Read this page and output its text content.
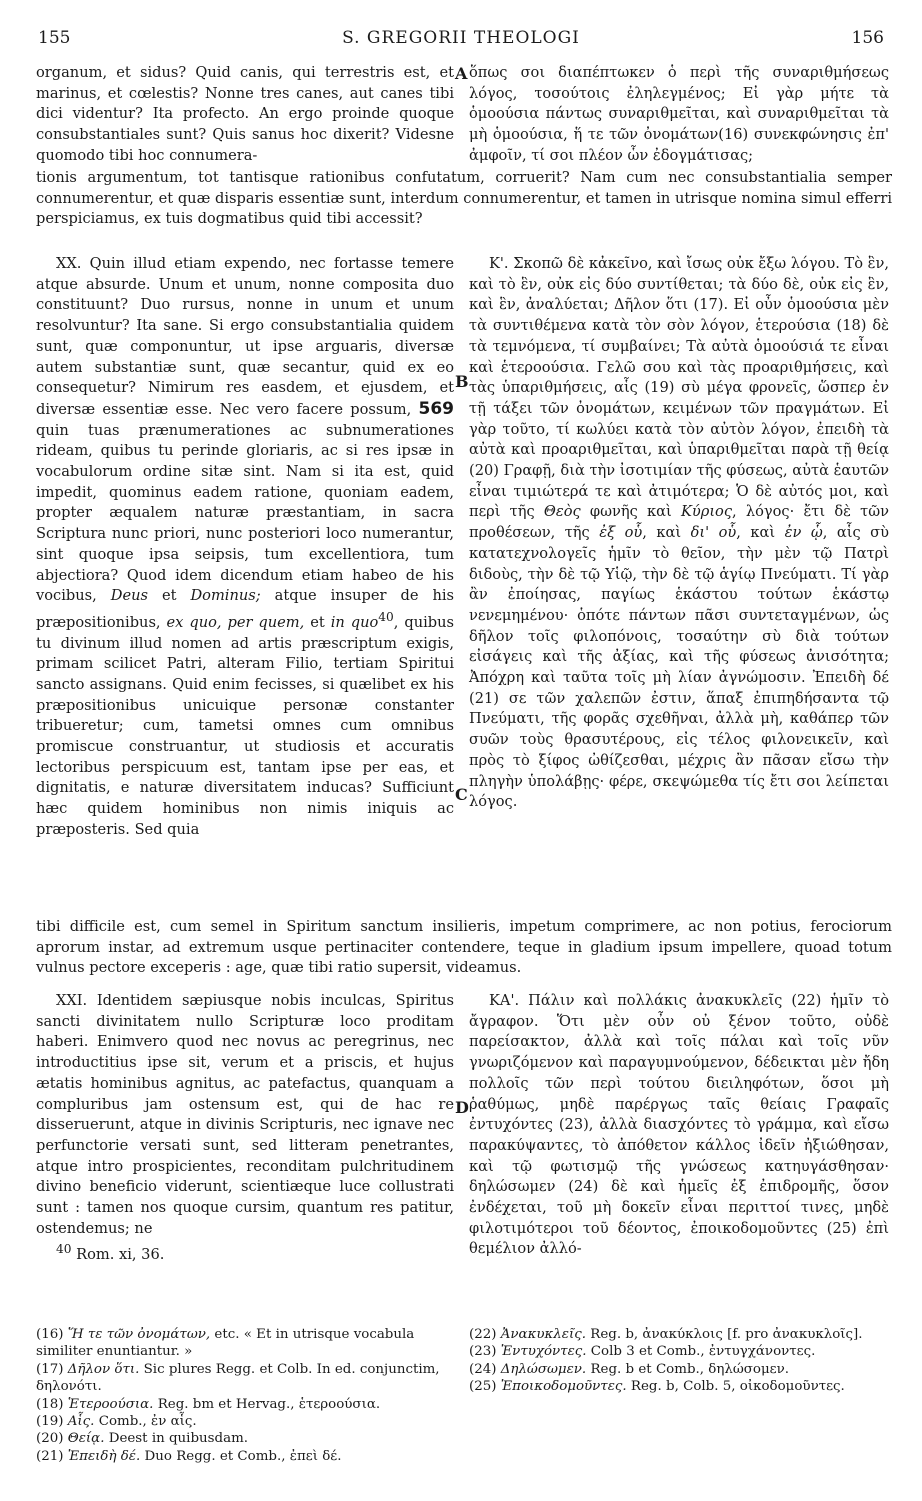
155	S. GREGORII THEOLOGI	156

organum, et sidus? Quid canis, qui terrestris est, et marinus, et cœlestis? Nonne tres canes, aut canes tibi dici videntur? Ita profecto. An ergo proinde quoque consubstantiales sunt? Quis sanus hoc dixerit? Videsne quomodo tibi hoc connumera-

A ὅπως σοι διαπέπτωκεν ὁ περὶ τῆς συναριθμήσεως λόγος, τοσούτοις ἐληλεγμένος; Εἰ γὰρ μήτε τὰ ὁμοούσια πάντως συναριθμεῖται, καὶ συναριθμεῖται τὰ μὴ ὁμοούσια, ἥ τε τῶν ὀνομάτων(16) συνεκφώνησις ἐπ' ἀμφοῖν, τί σοι πλέον ὧν ἐδογμάτισας;

tionis argumentum, tot tantisque rationibus confutatum, corruerit? Nam cum nec consubstantialia semper connumerentur, et quæ disparis essentiæ sunt, interdum connumerentur, et tamen in utrisque nomina simul efferri perspiciamus, ex tuis dogmatibus quid tibi accessit?

XX. Quin illud etiam expendo, nec fortasse temere atque absurde. Unum et unum, nonne composita duo constituunt? Duo rursus, nonne in unum et unum resolvuntur? Ita sane. Si ergo consubstantialia quidem sunt, quæ componuntur, ut ipse arguaris, diversæ autem substantiæ sunt, quæ secantur, quid ex eo consequetur? Nimirum res easdem, et ejusdem, et diversæ essentiæ esse. Nec vero facere possum, 569 quin tuas prænumerationes ac subnumerationes rideam, quibus tu perinde gloriaris, ac si res ipsæ in vocabulorum ordine sitæ sint. Nam si ita est, quid impedit, quominus eadem ratione, quoniam eadem, propter æqualem naturæ præstantiam, in sacra Scriptura nunc priori, nunc posteriori loco numerantur, sint quoque ipsa seipsis, tum excellentiora, tum abjectiora? Quod idem dicendum etiam habeo de his vocibus, Deus et Dominus; atque insuper de his præpositionibus, ex quo, per quem, et in quo$^{40}$, quibus tu divinum illud nomen ad artis præscriptum exigis, primam scilicet Patri, alteram Filio, tertiam Spiritui sancto assignans. Quid enim fecisses, si quælibet ex his præpositionibus unicuique personæ constanter tribueretur; cum, tametsi omnes cum omnibus promiscue construantur, ut studiosis et accuratis lectoribus perspicuum est, tantam ipse per eas, et dignitatis, e naturæ diversitatem inducas? Sufficiunt hæc quidem hominibus non nimis iniquis ac præposteris. Sed quia

B
C

Κ'. Σκοπῶ δὲ κἀκεῖνο, καὶ ἴσως οὐκ ἔξω λόγου. Τὸ ἓν, καὶ τὸ ἓν, οὐκ εἰς δύο συντίθεται; τὰ δύο δὲ, οὐκ εἰς ἓν, καὶ ἓν, ἀναλύεται; Δῆλον ὅτι (17). Εἰ οὖν ὁμοούσια μὲν τὰ συντιθέμενα κατὰ τὸν σὸν λόγον, ἑτερούσια (18) δὲ τὰ τεμνόμενα, τί συμβαίνει; Τὰ αὐτὰ ὁμοούσιά τε εἶναι καὶ ἑτεροούσια. Γελῶ σου καὶ τὰς προαριθμήσεις, καὶ τὰς ὑπαριθμήσεις, αἷς (19) σὺ μέγα φρονεῖς, ὥσπερ ἐν τῇ τάξει τῶν ὀνομάτων, κειμένων τῶν πραγμάτων. Εἰ γὰρ τοῦτο, τί κωλύει κατὰ τὸν αὐτὸν λόγον, ἐπειδὴ τὰ αὐτὰ καὶ προαριθμεῖται, καὶ ὑπαριθμεῖται παρὰ τῇ θείᾳ (20) Γραφῇ, διὰ τὴν ἰσοτιμίαν τῆς φύσεως, αὐτὰ ἑαυτῶν εἶναι τιμιώτερά τε καὶ ἀτιμότερα; Ὁ δὲ αὐτός μοι, καὶ περὶ τῆς Θεὸς φωνῆς καὶ Κύριος, λόγος· ἔτι δὲ τῶν προθέσεων, τῆς ἐξ οὗ, καὶ δι' οὗ, καὶ ἐν ᾧ, αἷς σὺ κατατεχνολογεῖς ἡμῖν τὸ θεῖον, τὴν μὲν τῷ Πατρὶ διδοὺς, τὴν δὲ τῷ Υἱῷ, τὴν δὲ τῷ ἁγίῳ Πνεύματι. Τί γὰρ ἂν ἐποίησας, παγίως ἑκάστου τούτων ἑκάστῳ νενεμημένου· ὁπότε πάντων πᾶσι συντεταγμένων, ὡς δῆλον τοῖς φιλοπόνοις, τοσαύτην σὺ διὰ τούτων εἰσάγεις καὶ τῆς ἀξίας, καὶ τῆς φύσεως ἀνισότητα; Ἀπόχρη καὶ ταῦτα τοῖς μὴ λίαν ἀγνώμοσιν. Ἐπειδὴ δέ (21) σε τῶν χαλεπῶν ἐστιν, ἅπαξ ἐπιπηδήσαντα τῷ Πνεύματι, τῆς φορᾶς σχεθῆναι, ἀλλὰ μὴ, καθάπερ τῶν συῶν τοὺς θρασυτέρους, εἰς τέλος φιλονεικεῖν, καὶ πρὸς τὸ ξίφος ὠθίζεσθαι, μέχρις ἂν πᾶσαν εἴσω τὴν πληγὴν ὑπολάβῃς· φέρε, σκεψώμεθα τίς ἔτι σοι λείπεται λόγος.

tibi difficile est, cum semel in Spiritum sanctum insilieris, impetum comprimere, ac non potius, ferociorum aprorum instar, ad extremum usque pertinaciter contendere, teque in gladium ipsum impellere, quoad totum vulnus pectore exceperis : age, quæ tibi ratio supersit, videamus.

XXI. Identidem sæpiusque nobis inculcas, Spiritus sancti divinitatem nullo Scripturæ loco proditam haberi. Enimvero quod nec novus ac peregrinus, nec introductitius ipse sit, verum et a priscis, et hujus ætatis hominibus agnitus, ac patefactus, quanquam a compluribus jam ostensum est, qui de hac re disseruerunt, atque in divinis Scripturis, nec ignave nec perfunctorie versati sunt, sed litteram penetrantes, atque intro prospicientes, reconditam pulchritudinem divino beneficio viderunt, scientiæque luce collustrati sunt : tamen nos quoque cursim, quantum res patitur, ostendemus; ne

$^{40}$ Rom. xi, 36.

D

ΚΑ'. Πάλιν καὶ πολλάκις ἀνακυκλεῖς (22) ἡμῖν τὸ ἄγραφον. Ὅτι μὲν οὖν οὐ ξένον τοῦτο, οὐδὲ παρείσακτον, ἀλλὰ καὶ τοῖς πάλαι καὶ τοῖς νῦν γνωριζόμενον καὶ παραγυμνούμενον, δέδεικται μὲν ἤδη πολλοῖς τῶν περὶ τούτου διειληφότων, ὅσοι μὴ ῥαθύμως, μηδὲ παρέργως ταῖς θείαις Γραφαῖς ἐντυχόντες (23), ἀλλὰ διασχόντες τὸ γράμμα, καὶ εἴσω παρακύψαντες, τὸ ἀπόθετον κάλλος ἰδεῖν ἠξιώθησαν, καὶ τῷ φωτισμῷ τῆς γνώσεως κατηυγάσθησαν· δηλώσωμεν (24) δὲ καὶ ἡμεῖς ἐξ ἐπιδρομῆς, ὅσον ἐνδέχεται, τοῦ μὴ δοκεῖν εἶναι περιττοί τινες, μηδὲ φιλοτιμότεροι τοῦ δέοντος, ἐποικοδομοῦντες (25) ἐπὶ θεμέλιον ἀλλό-

(16) Ἥ τε τῶν ὀνομάτων, etc. « Et in utrisque vocabula similiter enuntiantur. »

(17) Δῆλον ὅτι. Sic plures Regg. et Colb. In ed. conjunctim, δηλονότι.

(18) Ἑτεροούσια. Reg. bm et Hervag., ἑτεροούσια.

(19) Αἷς. Comb., ἐν αἷς.

(20) Θείᾳ. Deest in quibusdam.

(21) Ἐπειδὴ δέ. Duo Regg. et Comb., ἐπεὶ δέ.

(22) Ἀνακυκλεῖς. Reg. b, ἀνακύκλοις [f. pro ἀνακυκλοῖς].

(23) Ἐντυχόντες. Colb 3 et Comb., ἐντυγχάνοντες.

(24) Δηλώσωμεν. Reg. b et Comb., δηλώσομεν.

(25) Ἐποικοδομοῦντες. Reg. b, Colb. 5, οἰκοδομοῦντες.
